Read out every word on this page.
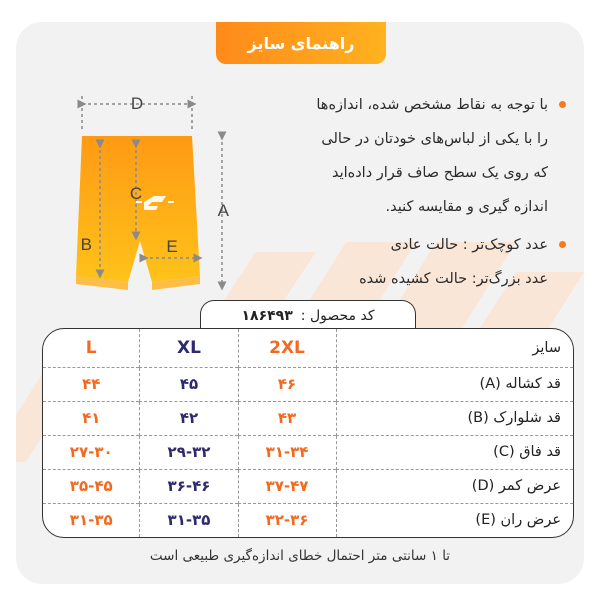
راهنمای سایز
D
A
B
C
E
با توجه به نقاط مشخص شده، اندازه‌ها
را با یکی از لباس‌های خودتان در حالی
که روی یک سطح صاف قرار داده‌اید
اندازه گیری و مقایسه کنید.
عدد کوچک‌تر : حالت عادی
عدد بزرگ‌تر: حالت کشیده شده
کد محصول :
۱۸۶۴۹۳
سایز	2XL	XL	L
قد کشاله (A)	۴۶	۴۵	۴۴
قد شلوارک (B)	۴۳	۴۲	۴۱
قد فاق (C)	۳۱-۳۴	۲۹-۳۲	۲۷-۳۰
عرض کمر (D)	۳۷-۴۷	۳۶-۴۶	۳۵-۴۵
عرض ران (E)	۳۲-۳۶	۳۱-۳۵	۳۱-۳۵
تا ۱ سانتی متر احتمال خطای اندازه‌گیری طبیعی است
